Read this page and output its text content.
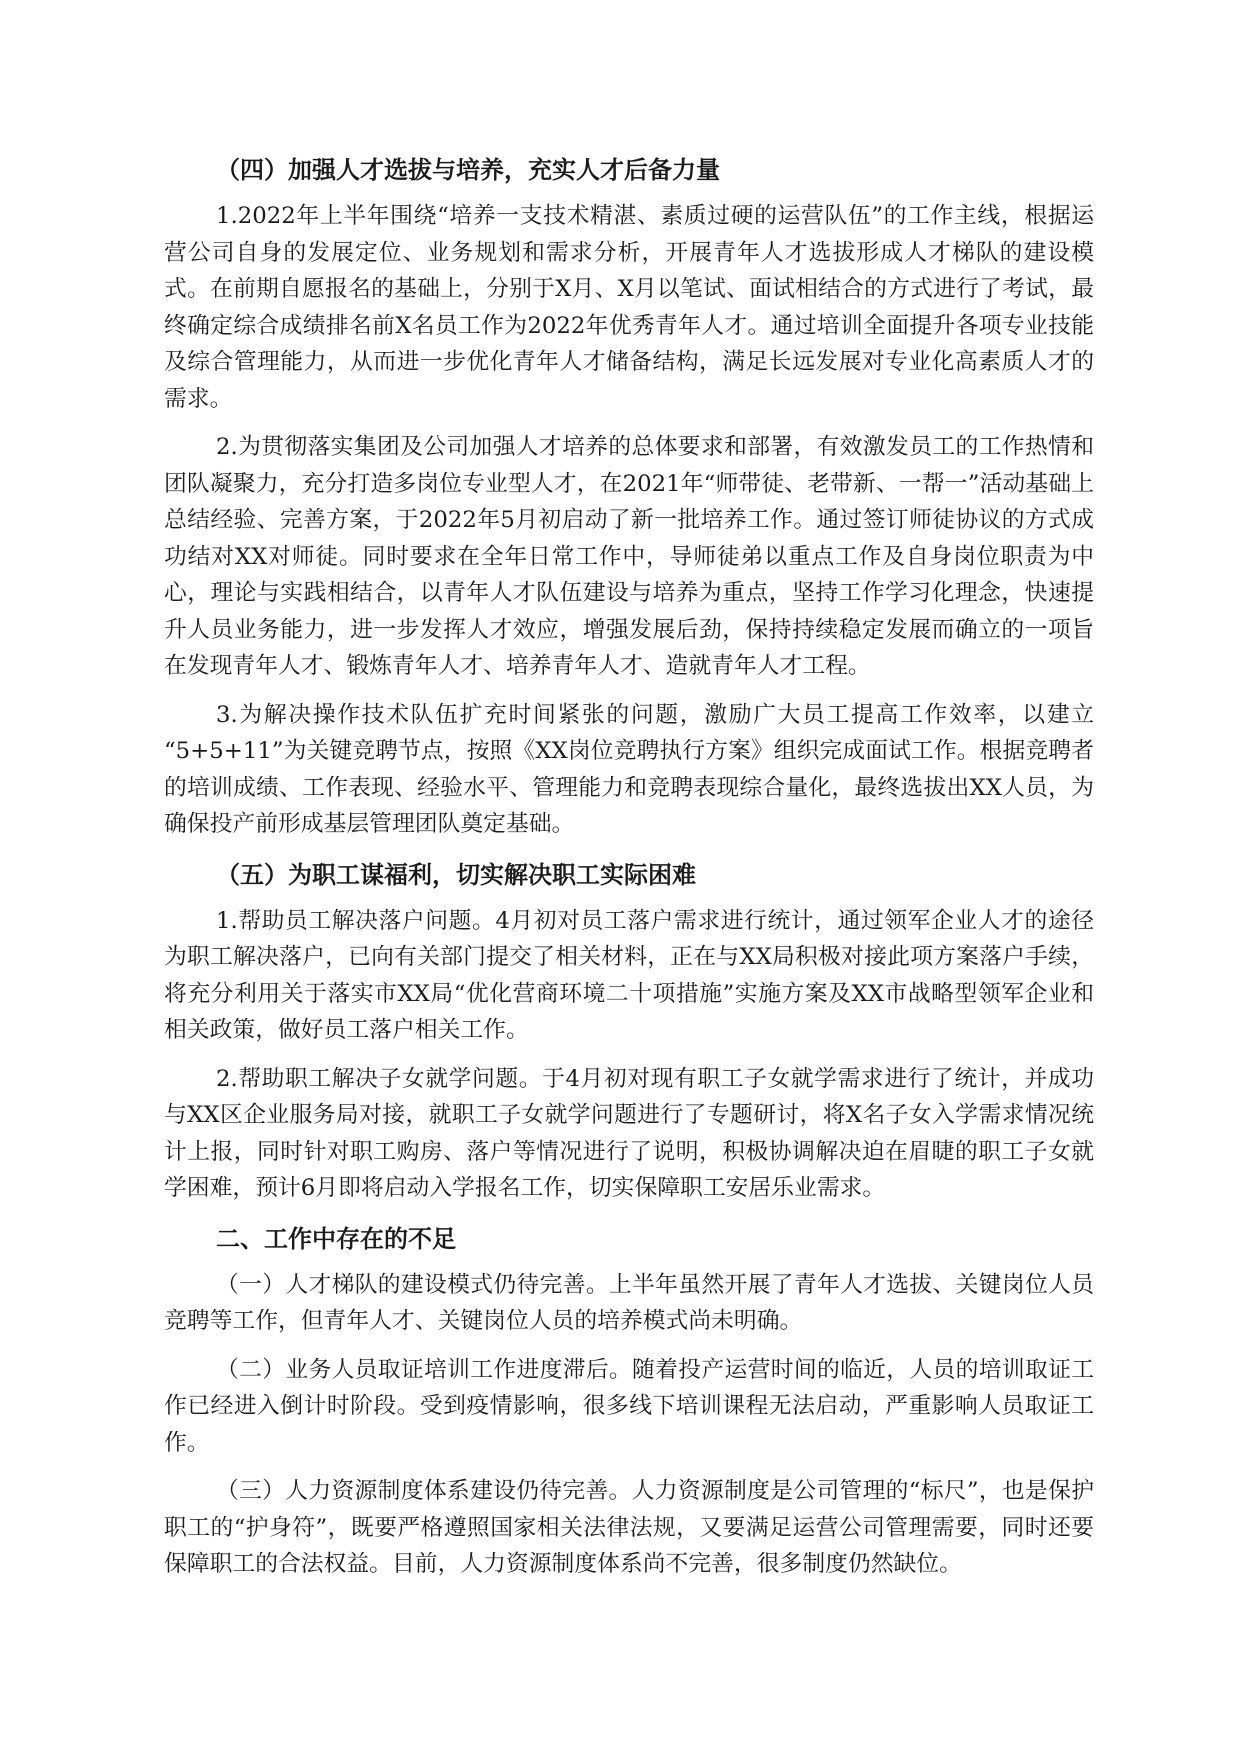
（四）加强人才选拔与培养，充实人才后备力量

1.2022年上半年围绕“培养一支技术精湛、素质过硬的运营队伍”的工作主线，根据运营公司自身的发展定位、业务规划和需求分析，开展青年人才选拔形成人才梯队的建设模式。在前期自愿报名的基础上，分别于X月、X月以笔试、面试相结合的方式进行了考试，最终确定综合成绩排名前X名员工作为2022年优秀青年人才。通过培训全面提升各项专业技能及综合管理能力，从而进一步优化青年人才储备结构，满足长远发展对专业化高素质人才的需求。

2.为贯彻落实集团及公司加强人才培养的总体要求和部署，有效激发员工的工作热情和团队凝聚力，充分打造多岗位专业型人才，在2021年“师带徒、老带新、一帮一”活动基础上总结经验、完善方案，于2022年5月初启动了新一批培养工作。通过签订师徒协议的方式成功结对XX对师徒。同时要求在全年日常工作中，导师徒弟以重点工作及自身岗位职责为中心，理论与实践相结合，以青年人才队伍建设与培养为重点，坚持工作学习化理念，快速提升人员业务能力，进一步发挥人才效应，增强发展后劲，保持持续稳定发展而确立的一项旨在发现青年人才、锻炼青年人才、培养青年人才、造就青年人才工程。

3.为解决操作技术队伍扩充时间紧张的问题，激励广大员工提高工作效率，以建立 “5+5+11”为关键竞聘节点，按照《XX岗位竞聘执行方案》组织完成面试工作。根据竞聘者的培训成绩、工作表现、经验水平、管理能力和竞聘表现综合量化，最终选拔出XX人员，为确保投产前形成基层管理团队奠定基础。

（五）为职工谋福利，切实解决职工实际困难

1.帮助员工解决落户问题。4月初对员工落户需求进行统计，通过领军企业人才的途径为职工解决落户，已向有关部门提交了相关材料，正在与XX局积极对接此项方案落户手续，将充分利用关于落实市XX局“优化营商环境二十项措施”实施方案及XX市战略型领军企业和相关政策，做好员工落户相关工作。

2.帮助职工解决子女就学问题。于4月初对现有职工子女就学需求进行了统计，并成功与XX区企业服务局对接，就职工子女就学问题进行了专题研讨，将X名子女入学需求情况统计上报，同时针对职工购房、落户等情况进行了说明，积极协调解决迫在眉睫的职工子女就学困难，预计6月即将启动入学报名工作，切实保障职工安居乐业需求。

二、工作中存在的不足

（一）人才梯队的建设模式仍待完善。上半年虽然开展了青年人才选拔、关键岗位人员竞聘等工作，但青年人才、关键岗位人员的培养模式尚未明确。

（二）业务人员取证培训工作进度滞后。随着投产运营时间的临近，人员的培训取证工作已经进入倒计时阶段。受到疫情影响，很多线下培训课程无法启动，严重影响人员取证工作。

（三）人力资源制度体系建设仍待完善。人力资源制度是公司管理的“标尺”，也是保护职工的“护身符”，既要严格遵照国家相关法律法规，又要满足运营公司管理需要，同时还要保障职工的合法权益。目前，人力资源制度体系尚不完善，很多制度仍然缺位。
